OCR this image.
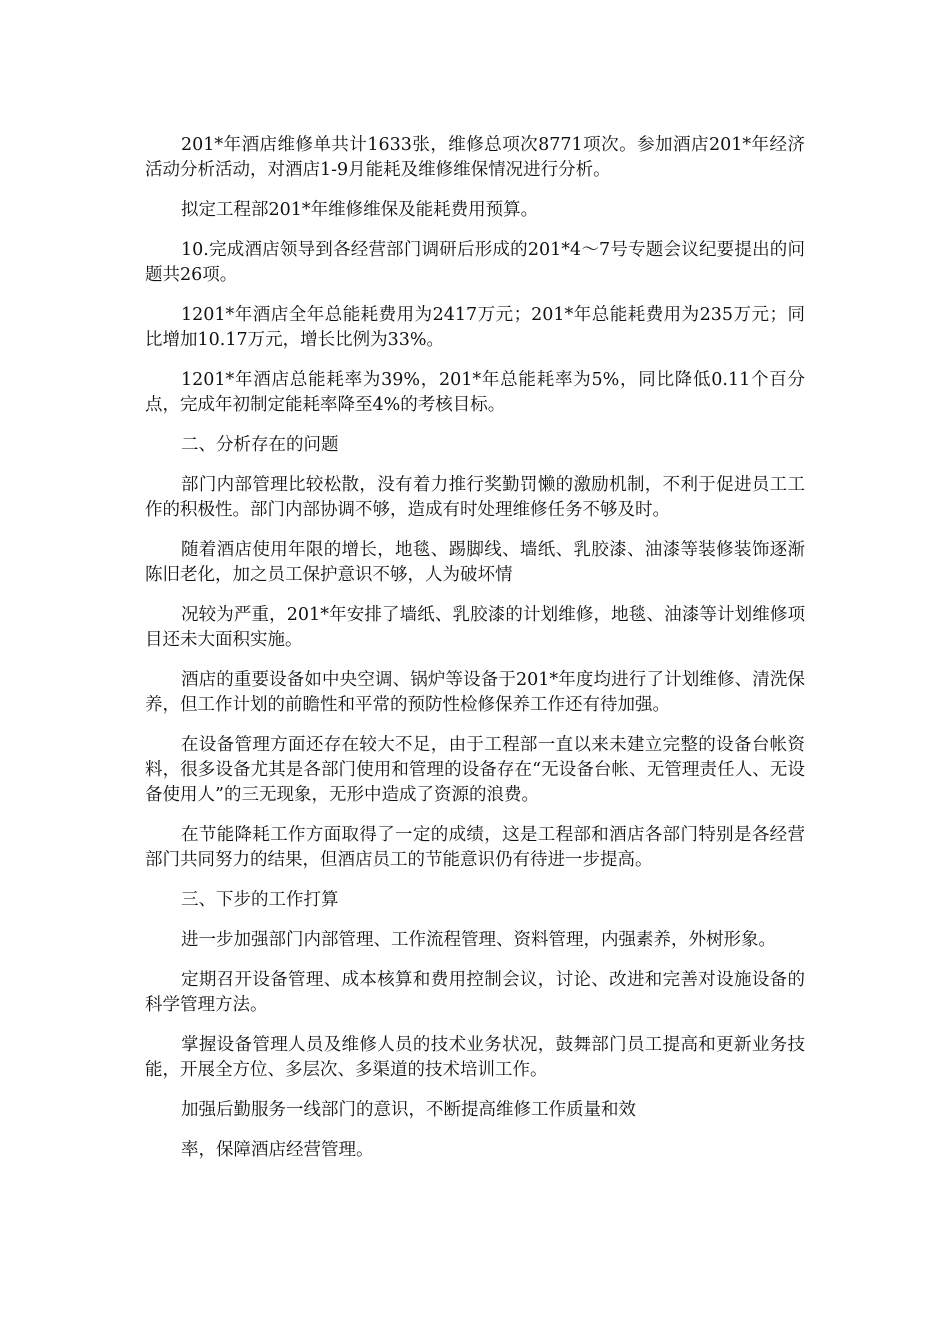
201*年酒店维修单共计1633张，维修总项次8771项次。参加酒店201*年经济活动分析活动，对酒店1-9月能耗及维修维保情况进行分析。

拟定工程部201*年维修维保及能耗费用预算。

10.完成酒店领导到各经营部门调研后形成的201*4～7号专题会议纪要提出的问题共26项。

1201*年酒店全年总能耗费用为2417万元；201*年总能耗费用为235万元；同比增加10.17万元，增长比例为33%。

1201*年酒店总能耗率为39%，201*年总能耗率为5%，同比降低0.11个百分点，完成年初制定能耗率降至4%的考核目标。

二、分析存在的问题

部门内部管理比较松散，没有着力推行奖勤罚懒的激励机制，不利于促进员工工作的积极性。部门内部协调不够，造成有时处理维修任务不够及时。

随着酒店使用年限的增长，地毯、踢脚线、墙纸、乳胶漆、油漆等装修装饰逐渐陈旧老化，加之员工保护意识不够，人为破坏情

况较为严重，201*年安排了墙纸、乳胶漆的计划维修，地毯、油漆等计划维修项目还未大面积实施。

酒店的重要设备如中央空调、锅炉等设备于201*年度均进行了计划维修、清洗保养，但工作计划的前瞻性和平常的预防性检修保养工作还有待加强。

在设备管理方面还存在较大不足，由于工程部一直以来未建立完整的设备台帐资料，很多设备尤其是各部门使用和管理的设备存在“无设备台帐、无管理责任人、无设备使用人”的三无现象，无形中造成了资源的浪费。

在节能降耗工作方面取得了一定的成绩，这是工程部和酒店各部门特别是各经营部门共同努力的结果，但酒店员工的节能意识仍有待进一步提高。

三、下步的工作打算

进一步加强部门内部管理、工作流程管理、资料管理，内强素养，外树形象。

定期召开设备管理、成本核算和费用控制会议，讨论、改进和完善对设施设备的科学管理方法。

掌握设备管理人员及维修人员的技术业务状况，鼓舞部门员工提高和更新业务技能，开展全方位、多层次、多渠道的技术培训工作。

加强后勤服务一线部门的意识，不断提高维修工作质量和效

率，保障酒店经营管理。
